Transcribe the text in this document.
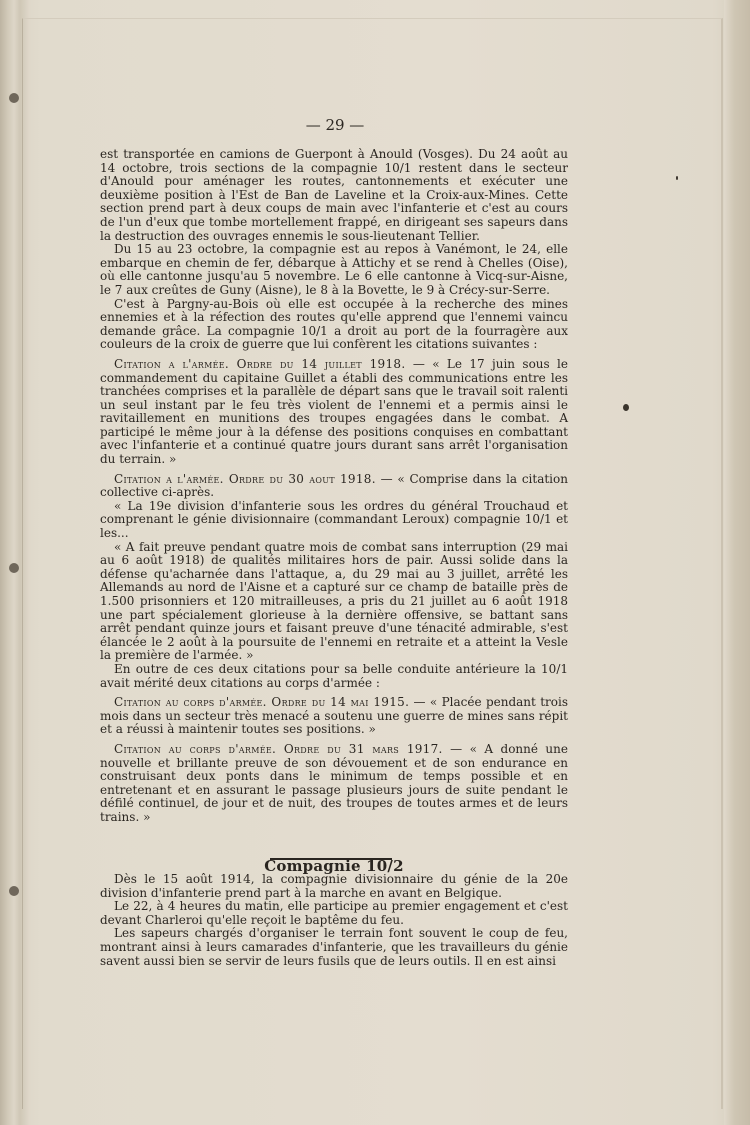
— 29 —

est transportée en camions de Guerpont à Anould (Vosges). Du 24 août au 14 octobre, trois sections de la compagnie 10/1 restent dans le secteur d'Anould pour aménager les routes, cantonnements et exécuter une deuxième position à l'Est de Ban de Laveline et la Croix-aux-Mines. Cette section prend part à deux coups de main avec l'infanterie et c'est au cours de l'un d'eux que tombe mortellement frappé, en dirigeant ses sapeurs dans la destruction des ouvrages ennemis le sous-lieutenant Tellier.

Du 15 au 23 octobre, la compagnie est au repos à Vanémont, le 24, elle embarque en chemin de fer, débarque à Attichy et se rend à Chelles (Oise), où elle cantonne jusqu'au 5 novembre. Le 6 elle cantonne à Vicq-sur-Aisne, le 7 aux creûtes de Guny (Aisne), le 8 à la Bovette, le 9 à Crécy-sur-Serre.

C'est à Pargny-au-Bois où elle est occupée à la recherche des mines ennemies et à la réfection des routes qu'elle apprend que l'ennemi vaincu demande grâce. La compagnie 10/1 a droit au port de la fourragère aux couleurs de la croix de guerre que lui confèrent les citations suivantes :

Citation a l'armée. Ordre du 14 juillet 1918. — « Le 17 juin sous le commandement du capitaine Guillet a établi des communications entre les tranchées comprises et la parallèle de départ sans que le travail soit ralenti un seul instant par le feu très violent de l'ennemi et a permis ainsi le ravitaillement en munitions des troupes engagées dans le combat. A participé le même jour à la défense des positions conquises en combattant avec l'infanterie et a continué quatre jours durant sans arrêt l'organisation du terrain. »

Citation a l'armée. Ordre du 30 aout 1918. — « Comprise dans la citation collective ci-après.

« La 19e division d'infanterie sous les ordres du général Trouchaud et comprenant le génie divisionnaire (commandant Leroux) compagnie 10/1 et les...

« A fait preuve pendant quatre mois de combat sans interruption (29 mai au 6 août 1918) de qualités militaires hors de pair. Aussi solide dans la défense qu'acharnée dans l'attaque, a, du 29 mai au 3 juillet, arrêté les Allemands au nord de l'Aisne et a capturé sur ce champ de bataille près de 1.500 prisonniers et 120 mitrailleuses, a pris du 21 juillet au 6 août 1918 une part spécialement glorieuse à la dernière offensive, se battant sans arrêt pendant quinze jours et faisant preuve d'une ténacité admirable, s'est élancée le 2 août à la poursuite de l'ennemi en retraite et a atteint la Vesle la première de l'armée. »

En outre de ces deux citations pour sa belle conduite antérieure la 10/1 avait mérité deux citations au corps d'armée :

Citation au corps d'armée. Ordre du 14 mai 1915. — « Placée pendant trois mois dans un secteur très menacé a soutenu une guerre de mines sans répit et a réussi à maintenir toutes ses positions. »

Citation au corps d'armée. Ordre du 31 mars 1917. — « A donné une nouvelle et brillante preuve de son dévouement et de son endurance en construisant deux ponts dans le minimum de temps possible et en entretenant et en assurant le passage plusieurs jours de suite pendant le défilé continuel, de jour et de nuit, des troupes de toutes armes et de leurs trains. »

Compagnie 10/2

Dès le 15 août 1914, la compagnie divisionnaire du génie de la 20e division d'infanterie prend part à la marche en avant en Belgique.

Le 22, à 4 heures du matin, elle participe au premier engagement et c'est devant Charleroi qu'elle reçoit le baptême du feu.

Les sapeurs chargés d'organiser le terrain font souvent le coup de feu, montrant ainsi à leurs camarades d'infanterie, que les travailleurs du génie savent aussi bien se servir de leurs fusils que de leurs outils. Il en est ainsi
